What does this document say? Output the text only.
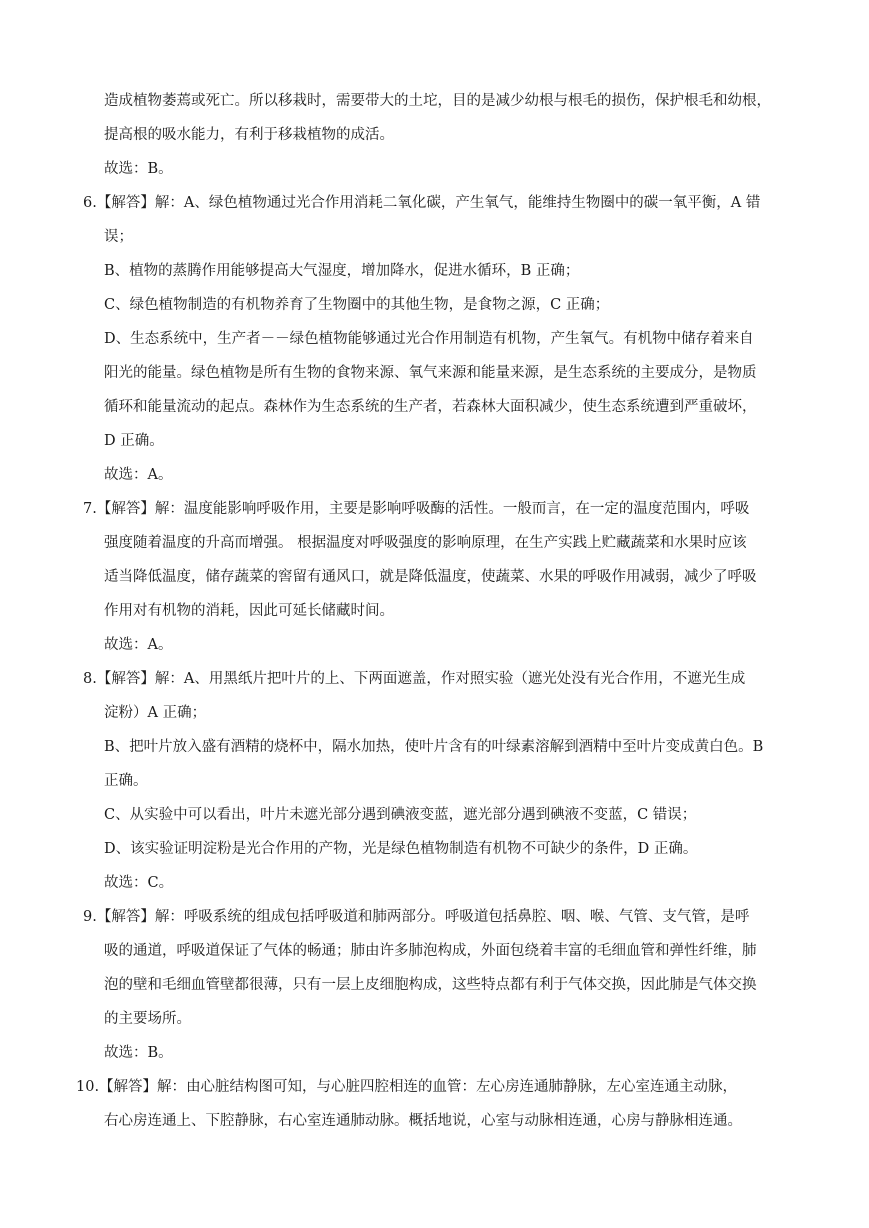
造成植物萎蔫或死亡。所以移栽时，需要带大的土坨，目的是减少幼根与根毛的损伤，保护根毛和幼根，
提高根的吸水能力，有利于移栽植物的成活。
故选：B。
6.【解答】解：A、绿色植物通过光合作用消耗二氧化碳，产生氧气，能维持生物圈中的碳一氧平衡，A 错
误；
B、植物的蒸腾作用能够提高大气湿度，增加降水，促进水循环，B 正确；
C、绿色植物制造的有机物养育了生物圈中的其他生物，是食物之源，C 正确；
D、生态系统中，生产者－－绿色植物能够通过光合作用制造有机物，产生氧气。有机物中储存着来自
阳光的能量。绿色植物是所有生物的食物来源、氧气来源和能量来源，是生态系统的主要成分，是物质
循环和能量流动的起点。森林作为生态系统的生产者，若森林大面积减少，使生态系统遭到严重破坏，
D 正确。
故选：A。
7.【解答】解：温度能影响呼吸作用，主要是影响呼吸酶的活性。一般而言，在一定的温度范围内，呼吸
强度随着温度的升高而增强。 根据温度对呼吸强度的影响原理，在生产实践上贮藏蔬菜和水果时应该
适当降低温度，储存蔬菜的窖留有通风口，就是降低温度，使蔬菜、水果的呼吸作用减弱，减少了呼吸
作用对有机物的消耗，因此可延长储藏时间。
故选：A。
8.【解答】解：A、用黑纸片把叶片的上、下两面遮盖，作对照实验（遮光处没有光合作用，不遮光生成
淀粉）A 正确；
B、把叶片放入盛有酒精的烧杯中，隔水加热，使叶片含有的叶绿素溶解到酒精中至叶片变成黄白色。B
正确。
C、从实验中可以看出，叶片未遮光部分遇到碘液变蓝，遮光部分遇到碘液不变蓝，C 错误；
D、该实验证明淀粉是光合作用的产物，光是绿色植物制造有机物不可缺少的条件，D 正确。
故选：C。
9.【解答】解：呼吸系统的组成包括呼吸道和肺两部分。呼吸道包括鼻腔、咽、喉、气管、支气管，是呼
吸的通道，呼吸道保证了气体的畅通；肺由许多肺泡构成，外面包绕着丰富的毛细血管和弹性纤维，肺
泡的壁和毛细血管壁都很薄，只有一层上皮细胞构成，这些特点都有利于气体交换，因此肺是气体交换
的主要场所。
故选：B。
10.【解答】解：由心脏结构图可知，与心脏四腔相连的血管：左心房连通肺静脉，左心室连通主动脉，
右心房连通上、下腔静脉，右心室连通肺动脉。概括地说，心室与动脉相连通，心房与静脉相连通。
